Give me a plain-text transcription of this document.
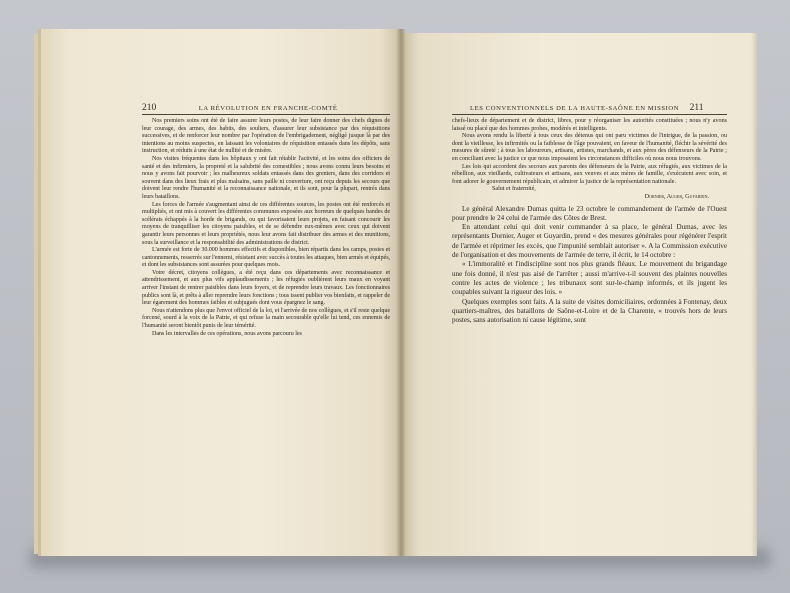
210	LA RÉVOLUTION EN FRANCHE-COMTÉ	LES CONVENTIONNELS DE LA HAUTE-SAÔNE EN MISSION 211

Nos premiers soins ont été de faire assurer leurs postes, de leur faire donner des chefs dignes de leur courage, des armes, des habits, des souliers, d'assurer leur subsistance par des réquisitions successives, et de renforcer leur nombre par l'opération de l'embrigadement, négligé jusque là par des intentions au moins suspectes, en laissant les volontaires de réquisition entassés dans les dépôts, sans instruction, et réduits à une état de nullité et de misère.

Nos visites fréquentes dans les hôpitaux y ont fait rétablir l'activité, et les soins des officiers de santé et des infirmiers, la propreté et la salubrité des comestibles ; nous avons connu leurs besoins et nous y avons fait pourvoir ; les malheureux soldats entassés dans des greniers, dans des corridors et souvent dans des lieux frais et plus malsains, sans paille ni couverture, ont reçu depuis les secours que doivent leur rendre l'humanité et la reconnaissance nationale, et ils sont, pour la plupart, rentrés dans leurs bataillons.

Les forces de l'armée s'augmentant ainsi de ces différentes sources, les postes ont été renforcés et multipliés, et ont mis à couvert les différentes communes exposées aux horreurs de quelques bandes de scélérats échappés à la horde de brigands, ou qui favorisaient leurs projets, en faisant concourir les moyens de tranquilliser les citoyens paisibles, et de se défendre eux-mêmes avec ceux qui doivent garantir leurs personnes et leurs propriétés, nous leur avons fait distribuer des armes et des munitions, sous la surveillance et la responsabilité des administrations de district.

L'armée est forte de 30.000 hommes effectifs et disponibles, bien répartis dans les camps, postes et cantonnements, resserrés sur l'ennemi, résistant avec succès à toutes les attaques, bien armés et équipés, et dont les subsistances sont assurées pour quelques mois.

Votre décret, citoyens collègues, a été reçu dans ces départements avec reconnaissance et attendrissement, et aux plus vifs applaudissements ; les réfugiés oublièrent leurs maux en voyant arriver l'instant de rentrer paisibles dans leurs foyers, et de reprendre leurs travaux. Les fonctionnaires publics sont là, et prêts à aller reprendre leurs fonctions ; tous issent publier vos bienfaits, et rappeler de leur égarement des hommes faibles et subjugués dont vous épargnez le sang.

Nous n'attendons plus que l'envoi officiel de la loi, et l'arrivée de nos collègues, et s'il reste quelque forcené, sourd à la voix de la Patrie, et qui refuse la main secourable qu'elle lui tend, ces ennemis de l'humanité seront bientôt punis de leur témérité.

Dans les intervalles de ces opérations, nous avons parcouru les

chefs-lieux de département et de district, libres, pour y réorganiser les autorités constituées ; nous n'y avons laissé ou placé que des hommes probes, modérés et intelligents.

Nous avons rendu la liberté à tous ceux des détenus qui ont paru victimes de l'intrigue, de la passion, ou dont la vieillesse, les infirmités ou la faiblesse de l'âge pouvaient, en faveur de l'humanité, fléchir la sévérité des mesures de sûreté ; à tous les laboureurs, artisans, artistes, marchands, et aux pères des défenseurs de la Patrie ; en conciliant avec la justice ce que nous imposaient les circonstances difficiles où nous nous trouvons.

Les lois qui accordent des secours aux parents des défenseurs de la Patrie, aux réfugiés, aux victimes de la rébellion, aux vieillards, cultivateurs et artisans, aux veuves et aux mères de famille, s'exécutent avec soin, et font adorer le gouvernement républicain, et admirer la justice de la représentation nationale.

Salut et fraternité,

Dornier, Auger, Guyardin.

Le général Alexandre Dumas quitta le 23 octobre le commandement de l'armée de l'Ouest pour prendre le 24 celui de l'armée des Côtes de Brest.

En attendant celui qui doit venir commander à sa place, le général Dumas, avec les représentants Dornier, Auger et Guyardin, prend « des mesures générales pour régénérer l'esprit de l'armée et réprimer les excès, que l'impunité semblait autoriser ». A la Commission exécutive de l'organisation et des mouvements de l'armée de terre, il écrit, le 14 octobre :

« L'immoralité et l'indiscipline sont nos plus grands fléaux. Le mouvement du brigandage une fois donné, il n'est pas aisé de l'arrêter ; aussi m'arrive-t-il souvent des plaintes nouvelles contre les actes de violence ; les tribunaux sont sur-le-champ informés, et ils jugent les coupables suivant la rigueur des lois. »

Quelques exemples sont faits. A la suite de visites domiciliaires, ordonnées à Fontenay, deux quartiers-maîtres, des bataillons de Saône-et-Loire et de la Charente, « trouvés hors de leurs postes, sans autorisation ni cause légitime, sont
